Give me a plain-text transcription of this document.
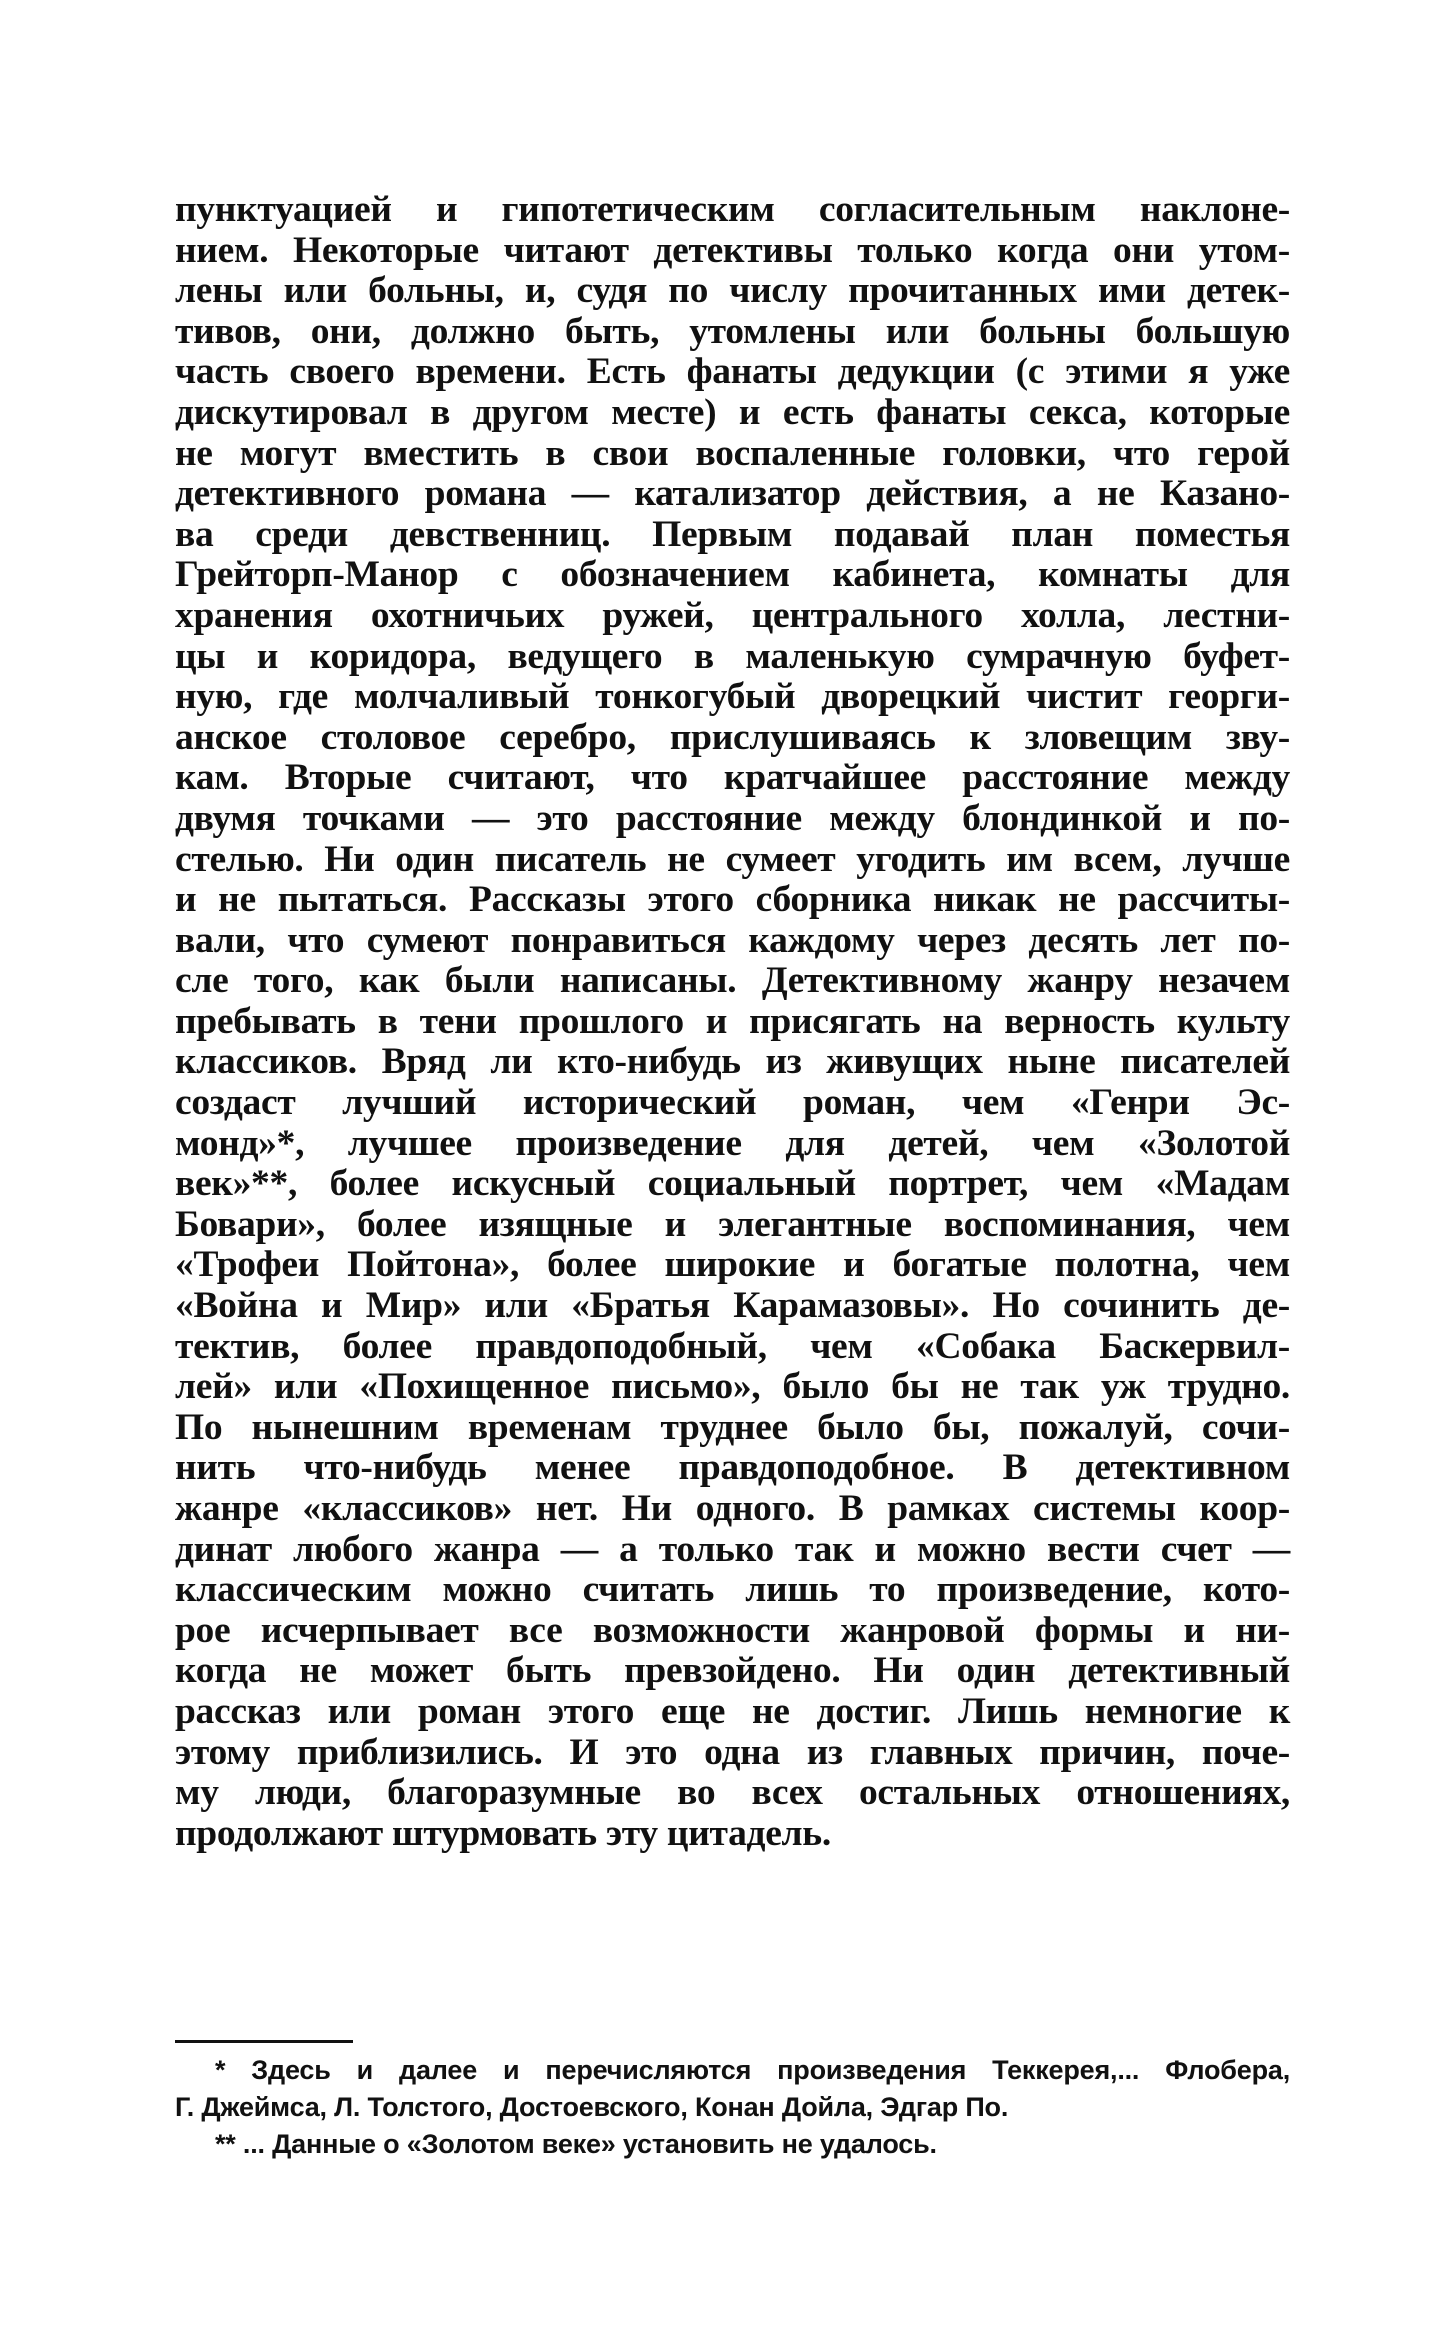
пунктуацией и гипотетическим согласительным наклоне-
нием. Некоторые читают детективы только когда они утом-
лены или больны, и, судя по числу прочитанных ими детек-
тивов, они, должно быть, утомлены или больны большую
часть своего времени. Есть фанаты дедукции (с этими я уже
дискутировал в другом месте) и есть фанаты секса, которые
не могут вместить в свои воспаленные головки, что герой
детективного романа — катализатор действия, а не Казано-
ва среди девственниц. Первым подавай план поместья
Грейторп-Манор с обозначением кабинета, комнаты для
хранения охотничьих ружей, центрального холла, лестни-
цы и коридора, ведущего в маленькую сумрачную буфет-
ную, где молчаливый тонкогубый дворецкий чистит георги-
анское столовое серебро, прислушиваясь к зловещим зву-
кам. Вторые считают, что кратчайшее расстояние между
двумя точками — это расстояние между блондинкой и по-
стелью. Ни один писатель не сумеет угодить им всем, лучше
и не пытаться. Рассказы этого сборника никак не рассчиты-
вали, что сумеют понравиться каждому через десять лет по-
сле того, как были написаны. Детективному жанру незачем
пребывать в тени прошлого и присягать на верность культу
классиков. Вряд ли кто-нибудь из живущих ныне писателей
создаст лучший исторический роман, чем «Генри Эс-
монд»*, лучшее произведение для детей, чем «Золотой
век»**, более искусный социальный портрет, чем «Мадам
Бовари», более изящные и элегантные воспоминания, чем
«Трофеи Пойтона», более широкие и богатые полотна, чем
«Война и Мир» или «Братья Карамазовы». Но сочинить де-
тектив, более правдоподобный, чем «Собака Баскервил-
лей» или «Похищенное письмо», было бы не так уж трудно.
По нынешним временам труднее было бы, пожалуй, сочи-
нить что-нибудь менее правдоподобное. В детективном
жанре «классиков» нет. Ни одного. В рамках системы коор-
динат любого жанра — а только так и можно вести счет —
классическим можно считать лишь то произведение, кото-
рое исчерпывает все возможности жанровой формы и ни-
когда не может быть превзойдено. Ни один детективный
рассказ или роман этого еще не достиг. Лишь немногие к
этому приблизились. И это одна из главных причин, поче-
му люди, благоразумные во всех остальных отношениях,
продолжают штурмовать эту цитадель.
* Здесь и далее и перечисляются произведения Теккерея,... Флобера,
Г. Джеймса, Л. Толстого, Достоевского, Конан Дойла, Эдгар По.
** ... Данные о «Золотом веке» установить не удалось.
